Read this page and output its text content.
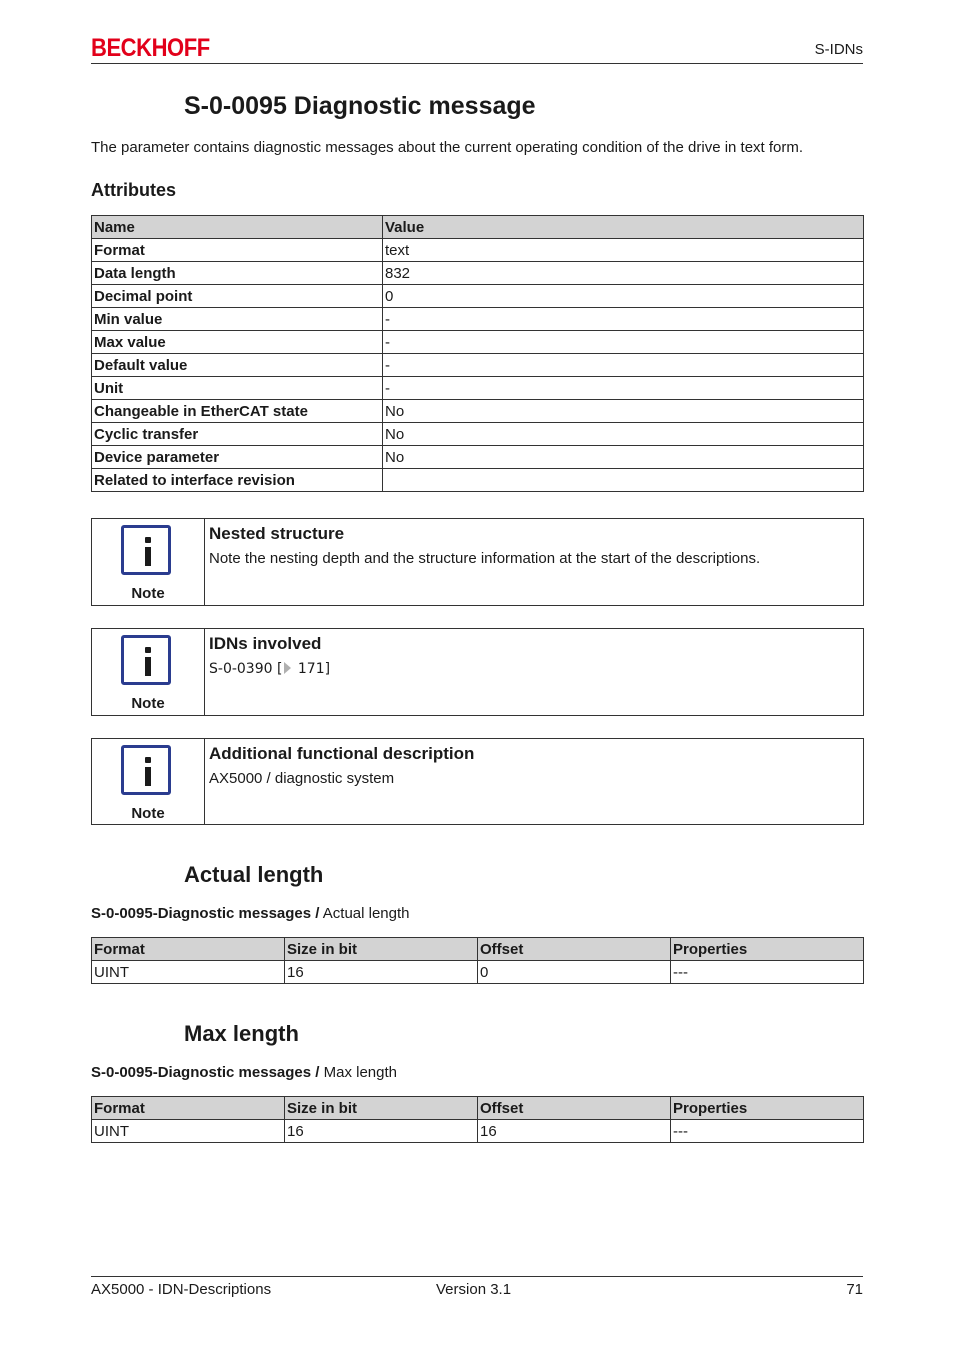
BECKHOFF	S-IDNs
S-0-0095 Diagnostic message
The parameter contains diagnostic messages about the current operating condition of the drive in text form.
Attributes
Name	Value
Format	text
Data length	832
Decimal point	0
Min value	-
Max value	-
Default value	-
Unit	-
Changeable in EtherCAT state	No
Cyclic transfer	No
Device parameter	No
Related to interface revision	
Note
Nested structure
Note the nesting depth and the structure information at the start of the descriptions.
Note
IDNs involved
S-0-0390 [ 171]
Note
Additional functional description
AX5000 / diagnostic system
Actual length
S-0-0095-Diagnostic messages / Actual length
Format	Size in bit	Offset	Properties
UINT	16	0	---
Max length
S-0-0095-Diagnostic messages / Max length
Format	Size in bit	Offset	Properties
UINT	16	16	---
AX5000 - IDN-Descriptions	Version 3.1	71
